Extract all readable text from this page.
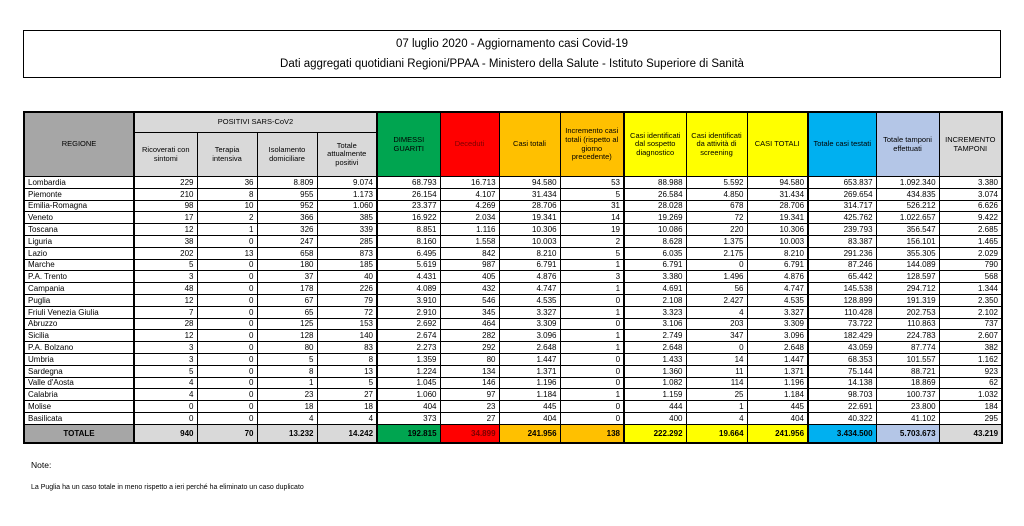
07 luglio 2020 - Aggiornamento casi Covid-19
Dati aggregati quotidiani Regioni/PPAA - Ministero della Salute - Istituto Superiore di Sanità
REGIONE	POSITIVI SARS-CoV2				DIMESSI GUARITI	Deceduti	Casi totali	Incremento casi totali (rispetto al giorno precedente)	Casi identificati dal sospetto diagnostico	Casi identificati da attività di screening	CASI TOTALI	Totale casi testati	Totale tamponi effettuati	INCREMENTO TAMPONI
	Ricoverati con sintomi	Terapia intensiva	Isolamento domiciliare	Totale attualmente positivi										
Lombardia	229	36	8.809	9.074	68.793	16.713	94.580	53	88.988	5.592	94.580	653.837	1.092.340	3.380
Piemonte	210	8	955	1.173	26.154	4.107	31.434	5	26.584	4.850	31.434	269.654	434.835	3.074
Emilia-Romagna	98	10	952	1.060	23.377	4.269	28.706	31	28.028	678	28.706	314.717	526.212	6.626
Veneto	17	2	366	385	16.922	2.034	19.341	14	19.269	72	19.341	425.762	1.022.657	9.422
Toscana	12	1	326	339	8.851	1.116	10.306	19	10.086	220	10.306	239.793	356.547	2.685
Liguria	38	0	247	285	8.160	1.558	10.003	2	8.628	1.375	10.003	83.387	156.101	1.465
Lazio	202	13	658	873	6.495	842	8.210	5	6.035	2.175	8.210	291.236	355.305	2.029
Marche	5	0	180	185	5.619	987	6.791	1	6.791	0	6.791	87.246	144.089	790
P.A. Trento	3	0	37	40	4.431	405	4.876	3	3.380	1.496	4.876	65.442	128.597	568
Campania	48	0	178	226	4.089	432	4.747	1	4.691	56	4.747	145.538	294.712	1.344
Puglia	12	0	67	79	3.910	546	4.535	0	2.108	2.427	4.535	128.899	191.319	2.350
Friuli Venezia Giulia	7	0	65	72	2.910	345	3.327	1	3.323	4	3.327	110.428	202.753	2.102
Abruzzo	28	0	125	153	2.692	464	3.309	0	3.106	203	3.309	73.722	110.863	737
Sicilia	12	0	128	140	2.674	282	3.096	1	2.749	347	3.096	182.429	224.783	2.607
P.A. Bolzano	3	0	80	83	2.273	292	2.648	1	2.648	0	2.648	43.059	87.774	382
Umbria	3	0	5	8	1.359	80	1.447	0	1.433	14	1.447	68.353	101.557	1.162
Sardegna	5	0	8	13	1.224	134	1.371	0	1.360	11	1.371	75.144	88.721	923
Valle d'Aosta	4	0	1	5	1.045	146	1.196	0	1.082	114	1.196	14.138	18.869	62
Calabria	4	0	23	27	1.060	97	1.184	1	1.159	25	1.184	98.703	100.737	1.032
Molise	0	0	18	18	404	23	445	0	444	1	445	22.691	23.800	184
Basilicata	0	0	4	4	373	27	404	0	400	4	404	40.322	41.102	295
TOTALE	940	70	13.232	14.242	192.815	34.899	241.956	138	222.292	19.664	241.956	3.434.500	5.703.673	43.219
Note:
La Puglia ha un caso totale in meno rispetto a ieri perché ha eliminato un caso duplicato
